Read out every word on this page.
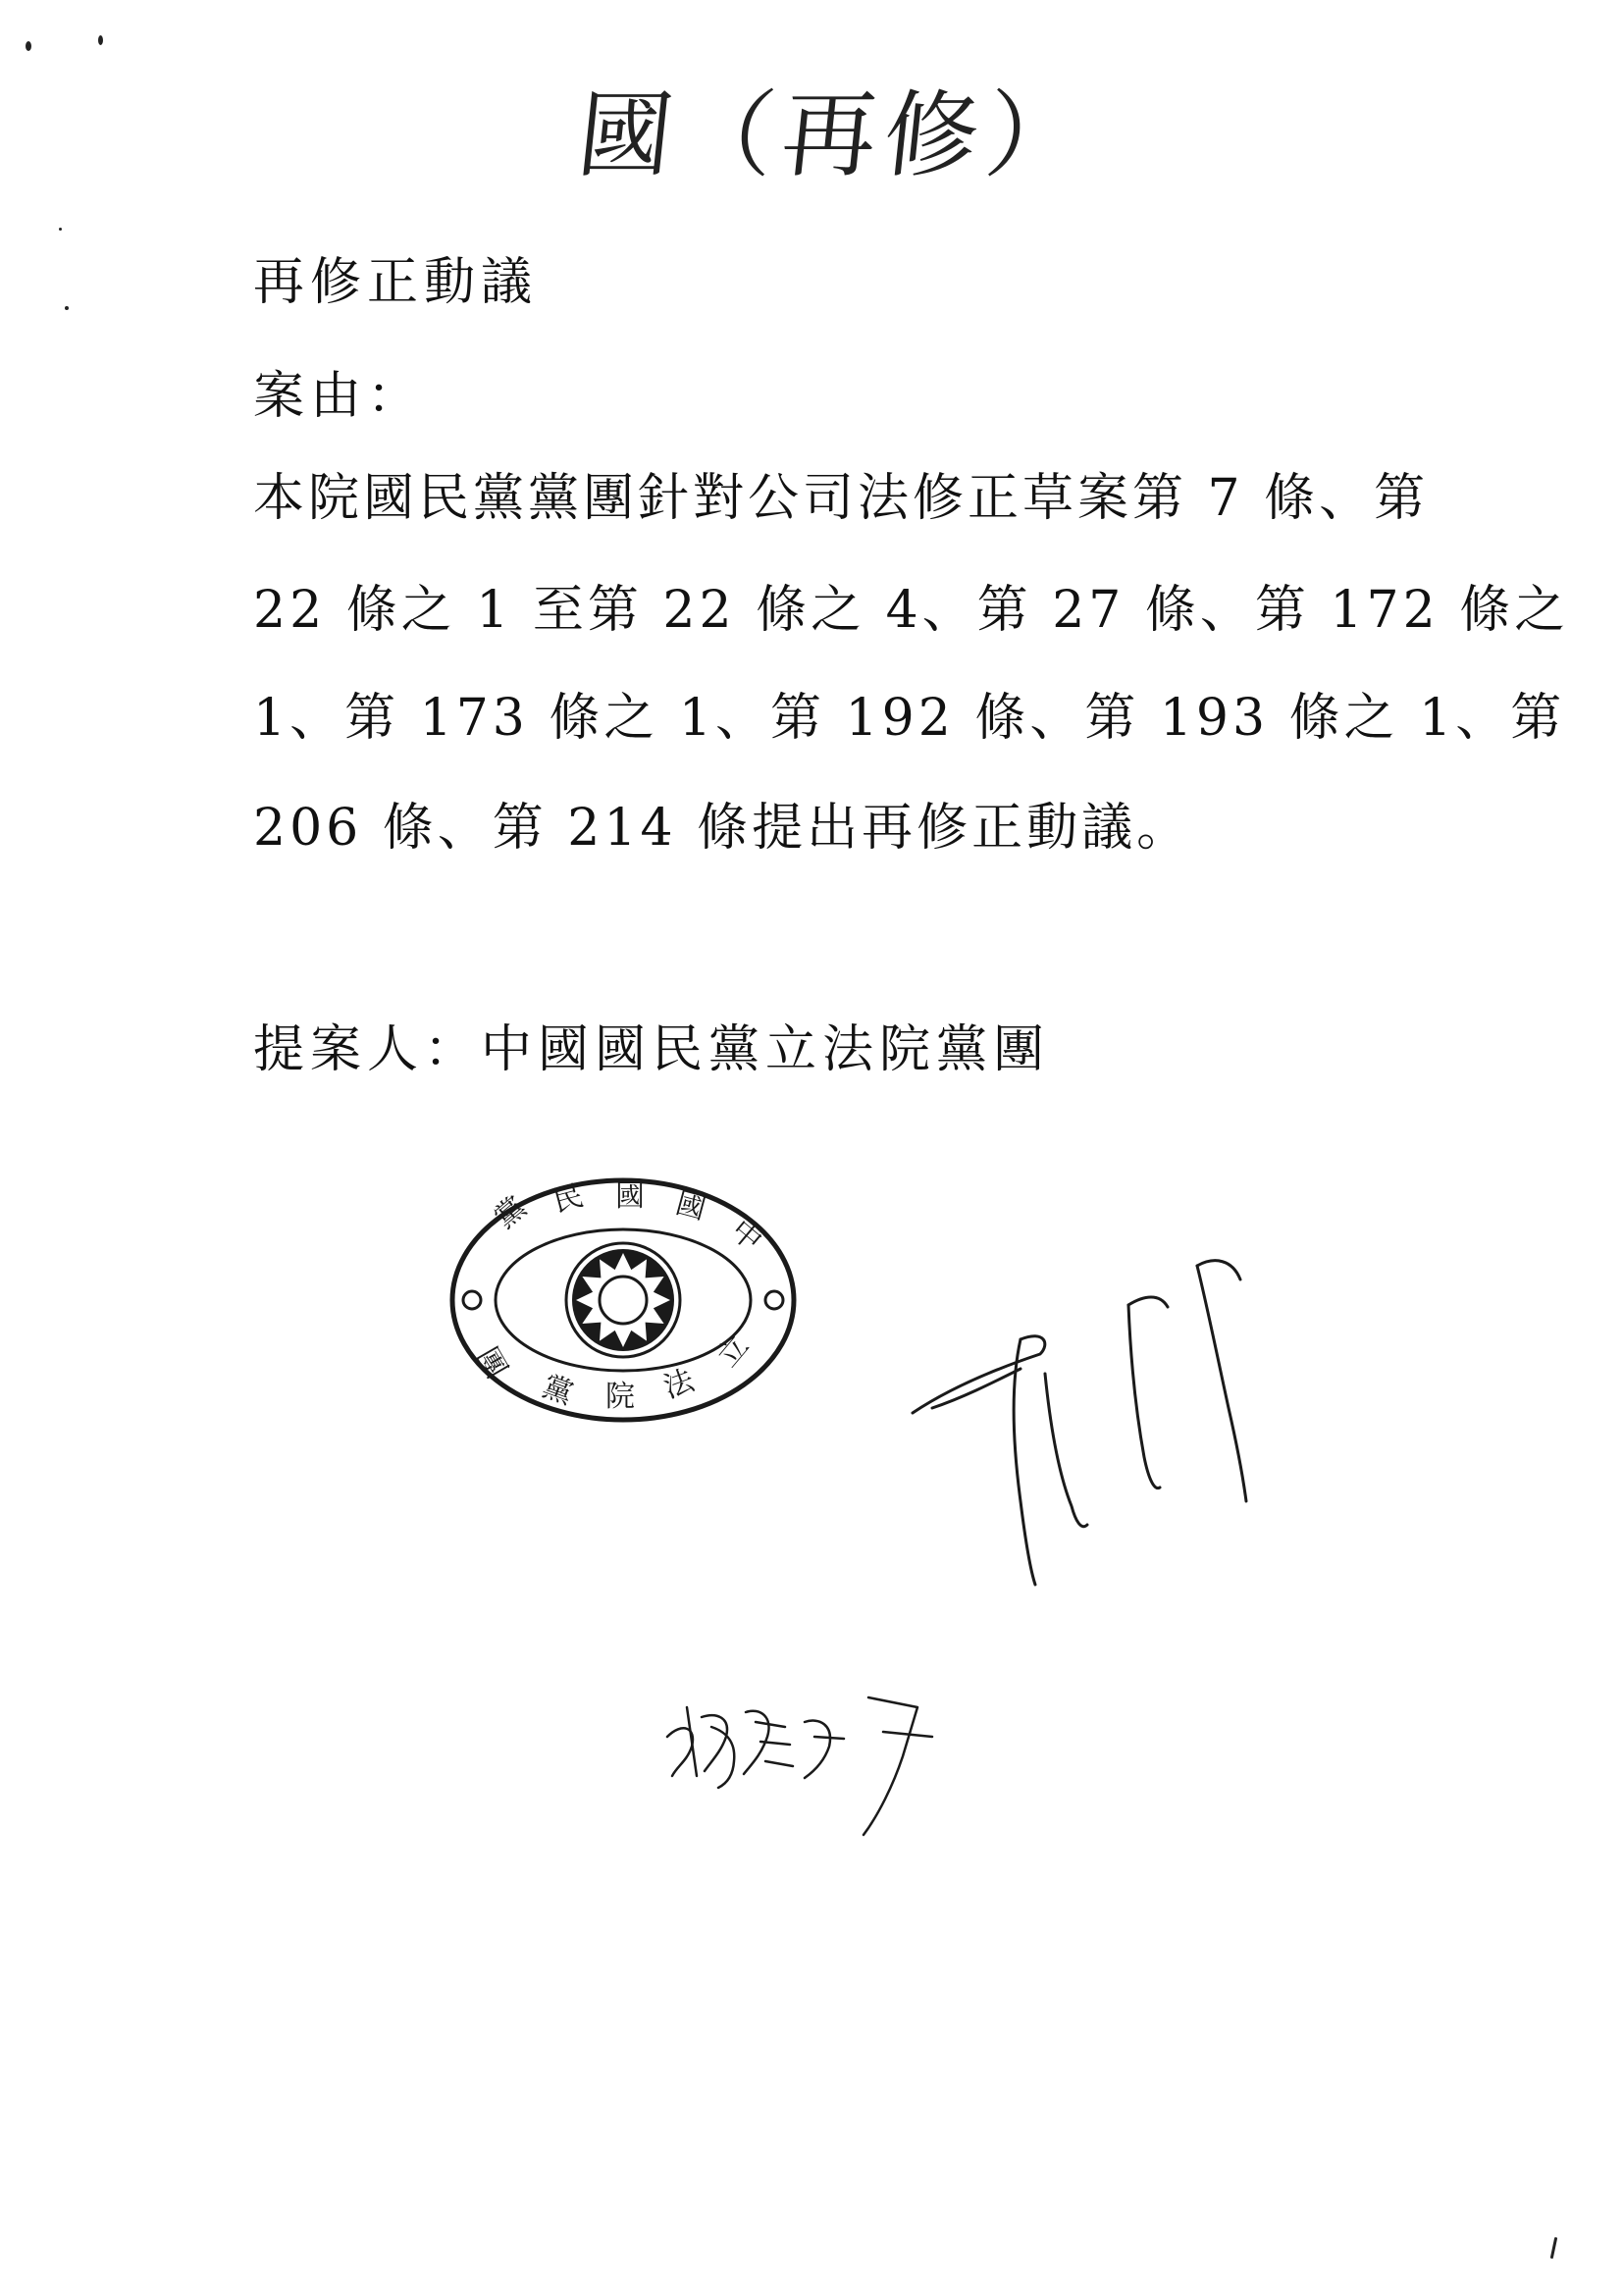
國（再修）
再修正動議
案由：
本院國民黨黨團針對公司法修正草案第 7 條、第
22 條之 1 至第 22 條之 4、第 27 條、第 172 條之
1、第 173 條之 1、第 192 條、第 193 條之 1、第
206 條、第 214 條提出再修正動議。
提案人：中國國民黨立法院黨團
黨 民 國 國
中
團
黨 院 法
立
